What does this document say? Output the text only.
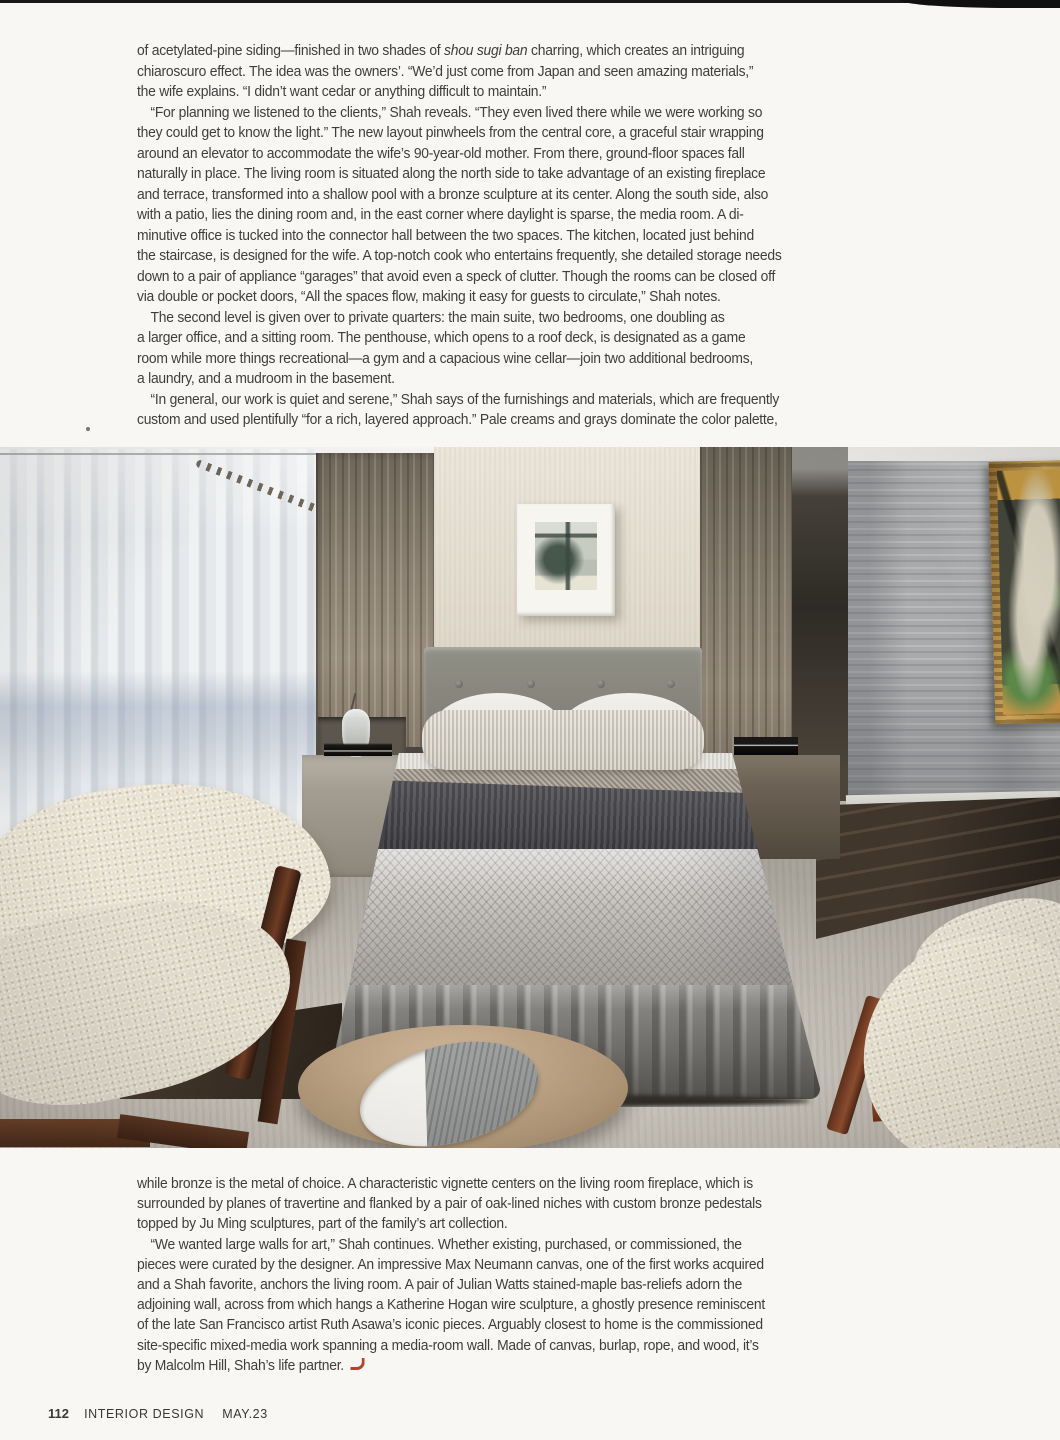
of acetylated-pine siding—finished in two shades of shou sugi ban charring, which creates an intriguing
chiaroscuro effect. The idea was the owners’. “We’d just come from Japan and seen amazing materials,”
the wife explains. “I didn’t want cedar or anything difficult to maintain.”
“For planning we listened to the clients,” Shah reveals. “They even lived there while we were working so
they could get to know the light.” The new layout pinwheels from the central core, a graceful stair wrapping
around an elevator to accommodate the wife’s 90-year-old mother. From there, ground-floor spaces fall
naturally in place. The living room is situated along the north side to take advantage of an existing fireplace
and terrace, transformed into a shallow pool with a bronze sculpture at its center. Along the south side, also
with a patio, lies the dining room and, in the east corner where daylight is sparse, the media room. A di-
minutive office is tucked into the connector hall between the two spaces. The kitchen, located just behind
the staircase, is designed for the wife. A top-notch cook who entertains frequently, she detailed storage needs
down to a pair of appliance “garages” that avoid even a speck of clutter. Though the rooms can be closed off
via double or pocket doors, “All the spaces flow, making it easy for guests to circulate,” Shah notes.
The second level is given over to private quarters: the main suite, two bedrooms, one doubling as
a larger office, and a sitting room. The penthouse, which opens to a roof deck, is designated as a game
room while more things recreational—a gym and a capacious wine cellar—join two additional bedrooms,
a laundry, and a mudroom in the basement.
“In general, our work is quiet and serene,” Shah says of the furnishings and materials, which are frequently
custom and used plentifully “for a rich, layered approach.” Pale creams and grays dominate the color palette,
while bronze is the metal of choice. A characteristic vignette centers on the living room fireplace, which is
surrounded by planes of travertine and flanked by a pair of oak-lined niches with custom bronze pedestals
topped by Ju Ming sculptures, part of the family’s art collection.
“We wanted large walls for art,” Shah continues. Whether existing, purchased, or commissioned, the
pieces were curated by the designer. An impressive Max Neumann canvas, one of the first works acquired
and a Shah favorite, anchors the living room. A pair of Julian Watts stained-maple bas-reliefs adorn the
adjoining wall, across from which hangs a Katherine Hogan wire sculpture, a ghostly presence reminiscent
of the late San Francisco artist Ruth Asawa’s iconic pieces. Arguably closest to home is the commissioned
site-specific mixed-media work spanning a media-room wall. Made of canvas, burlap, rope, and wood, it’s
by Malcolm Hill, Shah’s life partner.
112 INTERIOR DESIGN MAY.23
